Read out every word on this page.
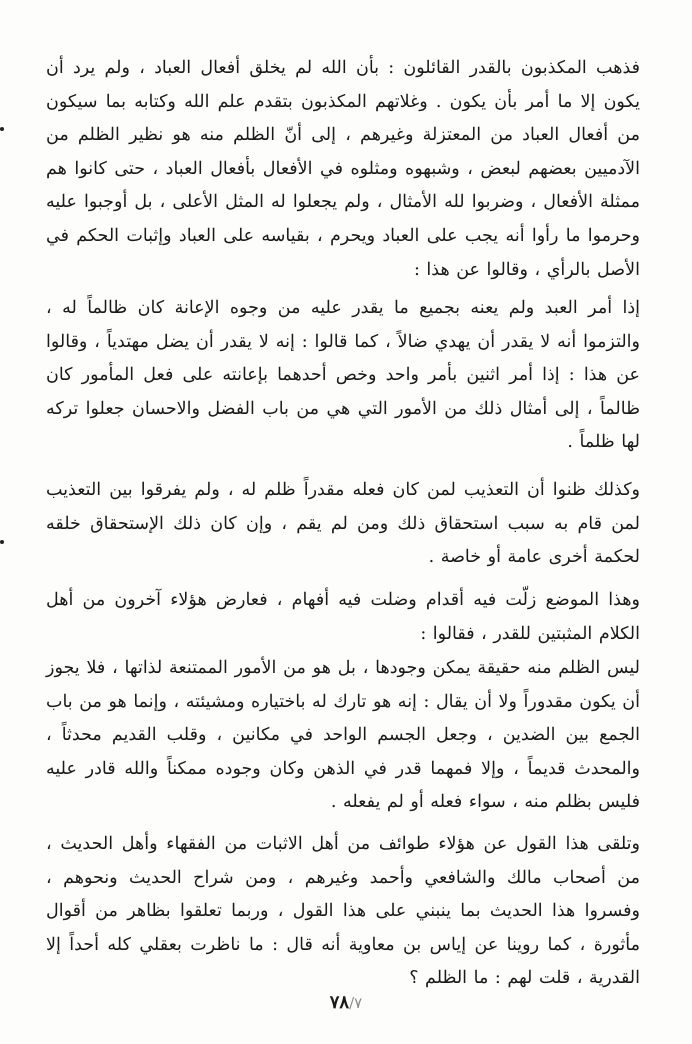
فذهب المكذبون بالقدر القائلون : بأن الله لم يخلق أفعال العباد ، ولم يرد أن يكون إلا ما أمر بأن يكون . وغلاتهم المكذبون بتقدم علم الله وكتابه بما سيكون من أفعال العباد من المعتزلة وغيرهم ، إلى أنّ الظلم منه هو نظير الظلم من الآدميين بعضهم لبعض ، وشبهوه ومثلوه في الأفعال بأفعال العباد ، حتى كانوا هم ممثلة الأفعال ، وضربوا لله الأمثال ، ولم يجعلوا له المثل الأعلى ، بل أوجبوا عليه وحرموا ما رأوا أنه يجب على العباد ويحرم ، بقياسه على العباد وإثبات الحكم في الأصل بالرأي ، وقالوا عن هذا :

إذا أمر العبد ولم يعنه بجميع ما يقدر عليه من وجوه الإعانة كان ظالماً له ، والتزموا أنه لا يقدر أن يهدي ضالاً ، كما قالوا : إنه لا يقدر أن يضل مهتدياً ، وقالوا عن هذا : إذا أمر اثنين بأمر واحد وخص أحدهما بإعانته على فعل المأمور كان ظالماً ، إلى أمثال ذلك من الأمور التي هي من باب الفضل والاحسان جعلوا تركه لها ظلماً .

وكذلك ظنوا أن التعذيب لمن كان فعله مقدراً ظلم له ، ولم يفرقوا بين التعذيب لمن قام به سبب استحقاق ذلك ومن لم يقم ، وإن كان ذلك الإستحقاق خلقه لحكمة أخرى عامة أو خاصة .

وهذا الموضع زلّت فيه أقدام وضلت فيه أفهام ، فعارض هؤلاء آخرون من أهل الكلام المثبتين للقدر ، فقالوا :

ليس الظلم منه حقيقة يمكن وجودها ، بل هو من الأمور الممتنعة لذاتها ، فلا يجوز أن يكون مقدوراً ولا أن يقال : إنه هو تارك له باختياره ومشيئته ، وإنما هو من باب الجمع بين الضدين ، وجعل الجسم الواحد في مكانين ، وقلب القديم محدثاً ، والمحدث قديماً ، وإلا فمهما قدر في الذهن وكان وجوده ممكناً والله قادر عليه فليس بظلم منه ، سواء فعله أو لم يفعله .

وتلقى هذا القول عن هؤلاء طوائف من أهل الاثبات من الفقهاء وأهل الحديث ، من أصحاب مالك والشافعي وأحمد وغيرهم ، ومن شراح الحديث ونحوهم ، وفسروا هذا الحديث بما ينبني على هذا القول ، وربما تعلقوا بظاهر من أقوال مأثورة ، كما روينا عن إياس بن معاوية أنه قال : ما ناظرت بعقلي كله أحداً إلا القدرية ، قلت لهم : ما الظلم ؟

٧٨/٧
